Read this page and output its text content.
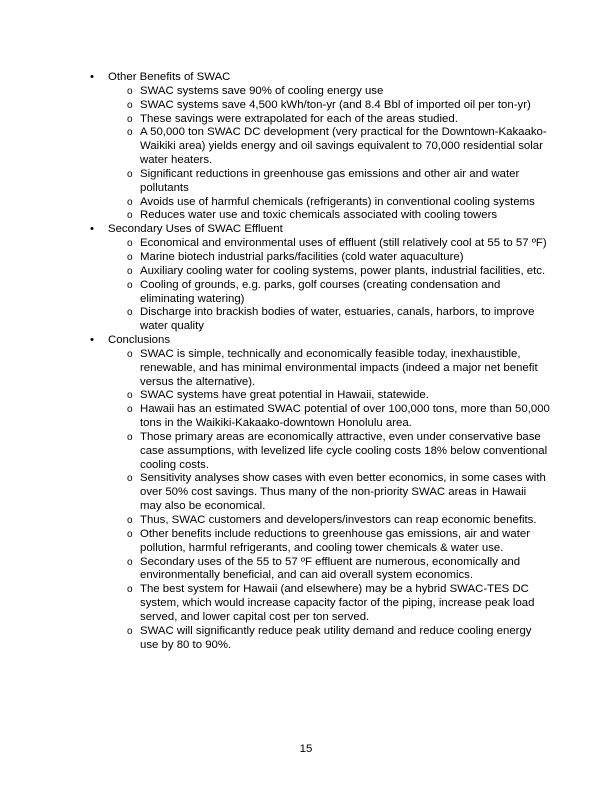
• Other Benefits of SWAC
o SWAC systems save 90% of cooling energy use
o SWAC systems save 4,500 kWh/ton-yr (and 8.4 Bbl of imported oil per ton-yr)
o These savings were extrapolated for each of the areas studied.
o A 50,000 ton SWAC DC development (very practical for the Downtown-Kakaako-Waikiki area) yields energy and oil savings equivalent to 70,000 residential solar water heaters.
o Significant reductions in greenhouse gas emissions and other air and water pollutants
o Avoids use of harmful chemicals (refrigerants) in conventional cooling systems
o Reduces water use and toxic chemicals associated with cooling towers
• Secondary Uses of SWAC Effluent
o Economical and environmental uses of effluent (still relatively cool at 55 to 57 ºF)
o Marine biotech industrial parks/facilities (cold water aquaculture)
o Auxiliary cooling water for cooling systems, power plants, industrial facilities, etc.
o Cooling of grounds, e.g. parks, golf courses (creating condensation and eliminating watering)
o Discharge into brackish bodies of water, estuaries, canals, harbors, to improve water quality
• Conclusions
o SWAC is simple, technically and economically feasible today, inexhaustible, renewable, and has minimal environmental impacts (indeed a major net benefit versus the alternative).
o SWAC systems have great potential in Hawaii, statewide.
o Hawaii has an estimated SWAC potential of over 100,000 tons, more than 50,000 tons in the Waikiki-Kakaako-downtown Honolulu area.
o Those primary areas are economically attractive, even under conservative base case assumptions, with levelized life cycle cooling costs 18% below conventional cooling costs.
o Sensitivity analyses show cases with even better economics, in some cases with over 50% cost savings. Thus many of the non-priority SWAC areas in Hawaii may also be economical.
o Thus, SWAC customers and developers/investors can reap economic benefits.
o Other benefits include reductions to greenhouse gas emissions, air and water pollution, harmful refrigerants, and cooling tower chemicals & water use.
o Secondary uses of the 55 to 57 ºF effluent are numerous, economically and environmentally beneficial, and can aid overall system economics.
o The best system for Hawaii (and elsewhere) may be a hybrid SWAC-TES DC system, which would increase capacity factor of the piping, increase peak load served, and lower capital cost per ton served.
o SWAC will significantly reduce peak utility demand and reduce cooling energy use by 80 to 90%.
15
